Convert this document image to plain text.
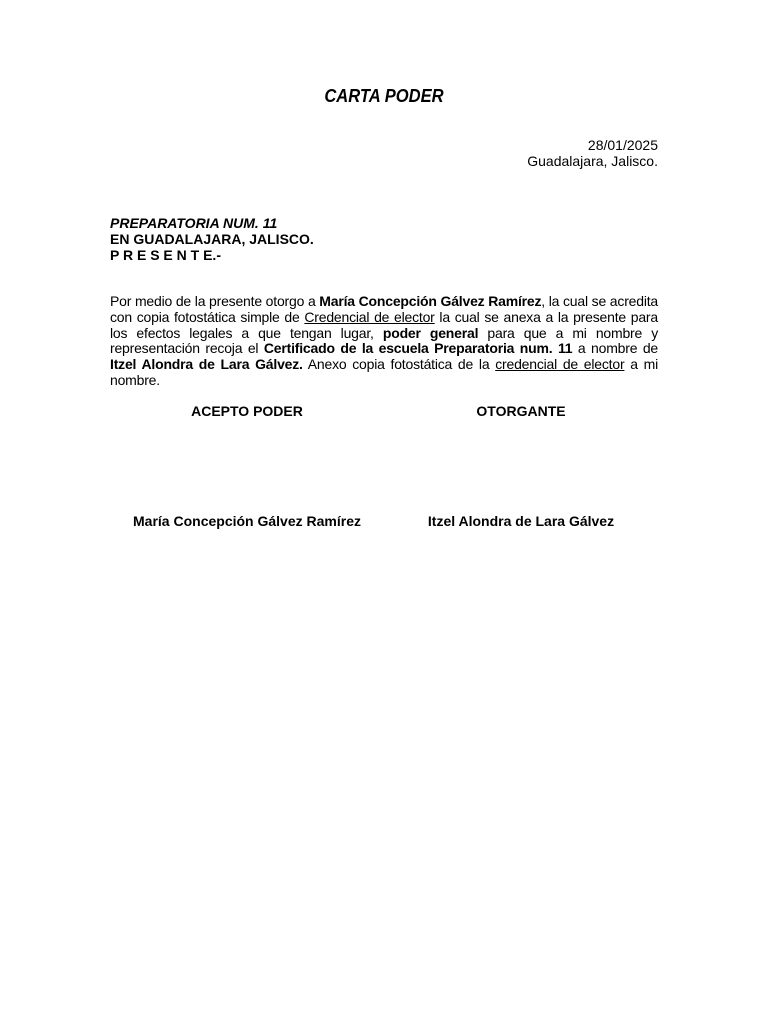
CARTA PODER
28/01/2025
Guadalajara, Jalisco.
PREPARATORIA NUM. 11
EN GUADALAJARA, JALISCO.
P R E S E N T E.-
Por medio de la presente otorgo a María Concepción Gálvez Ramírez, la cual se acredita con copia fotostática simple de Credencial de elector la cual se anexa a la presente para los efectos legales a que tengan lugar, poder general para que a mi nombre y representación recoja el Certificado de la escuela Preparatoria num. 11 a nombre de Itzel Alondra de Lara Gálvez. Anexo copia fotostática de la credencial de elector a mi nombre.
ACEPTO PODER	OTORGANTE
María Concepción Gálvez Ramírez	Itzel Alondra de Lara Gálvez
